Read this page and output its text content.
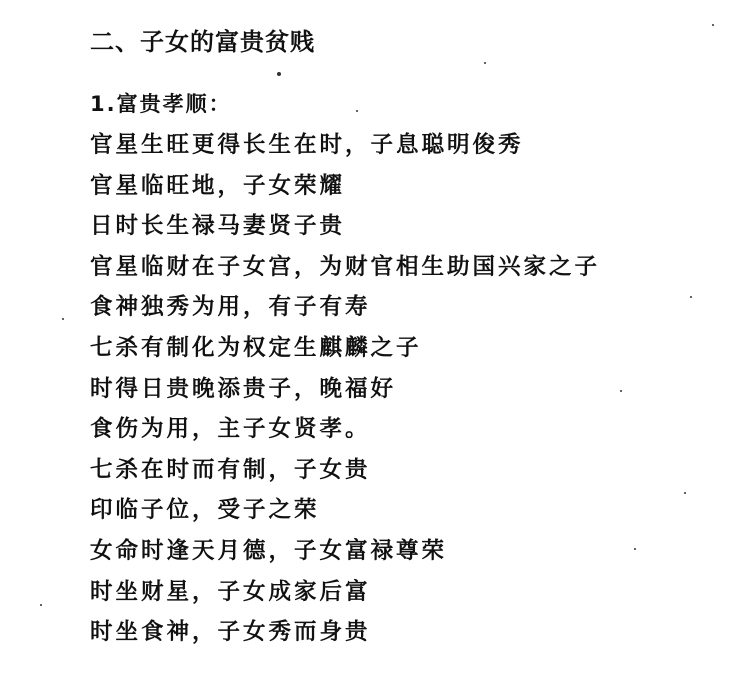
二、子女的富贵贫贱
1.富贵孝顺：
官星生旺更得长生在时，子息聪明俊秀
官星临旺地，子女荣耀
日时长生禄马妻贤子贵
官星临财在子女宫，为财官相生助国兴家之子
食神独秀为用，有子有寿
七杀有制化为权定生麒麟之子
时得日贵晚添贵子，晚福好
食伤为用，主子女贤孝。
七杀在时而有制，子女贵
印临子位，受子之荣
女命时逢天月德，子女富禄尊荣
时坐财星，子女成家后富
时坐食神，子女秀而身贵
